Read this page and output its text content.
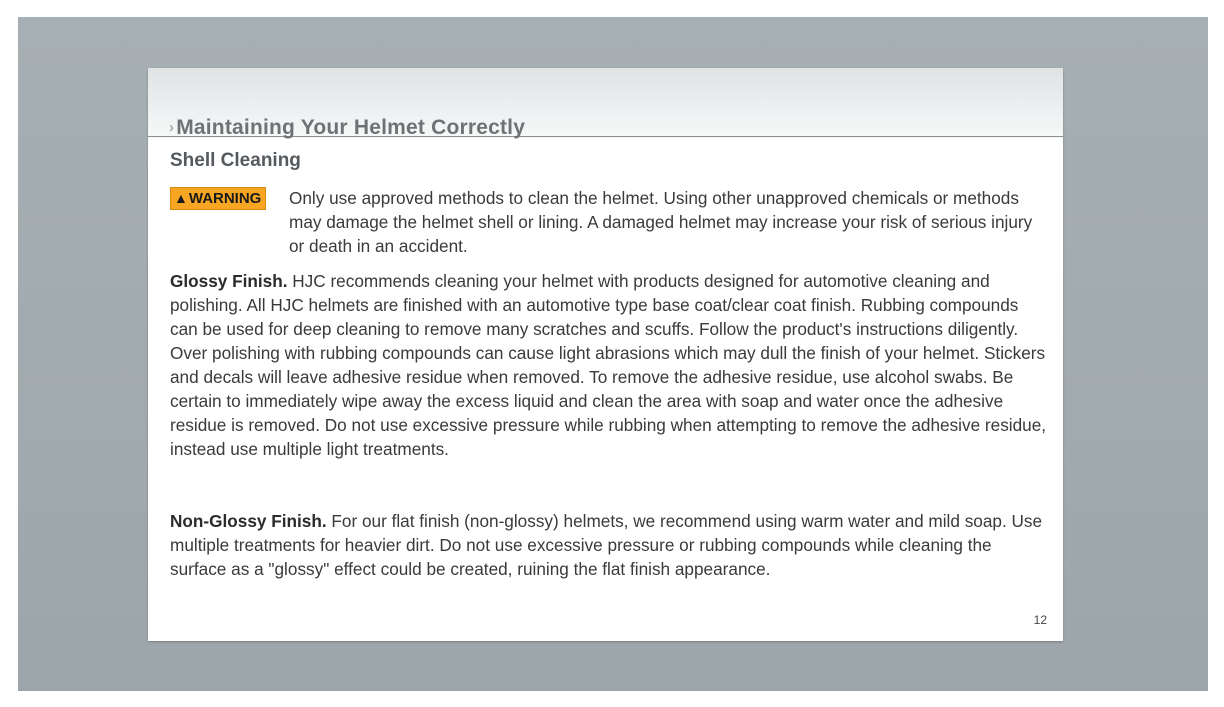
›Maintaining Your Helmet Correctly
Shell Cleaning
▲WARNING Only use approved methods to clean the helmet. Using other unapproved chemicals or methods may damage the helmet shell or lining. A damaged helmet may increase your risk of serious injury or death in an accident.
Glossy Finish. HJC recommends cleaning your helmet with products designed for automotive cleaning and polishing. All HJC helmets are finished with an automotive type base coat/clear coat finish. Rubbing compounds can be used for deep cleaning to remove many scratches and scuffs. Follow the product's instructions diligently. Over polishing with rubbing compounds can cause light abrasions which may dull the finish of your helmet. Stickers and decals will leave adhesive residue when removed. To remove the adhesive residue, use alcohol swabs. Be certain to immediately wipe away the excess liquid and clean the area with soap and water once the adhesive residue is removed. Do not use excessive pressure while rubbing when attempting to remove the adhesive residue, instead use multiple light treatments.
Non-Glossy Finish. For our flat finish (non-glossy) helmets, we recommend using warm water and mild soap. Use multiple treatments for heavier dirt. Do not use excessive pressure or rubbing compounds while cleaning the surface as a "glossy" effect could be created, ruining the flat finish appearance.
12
